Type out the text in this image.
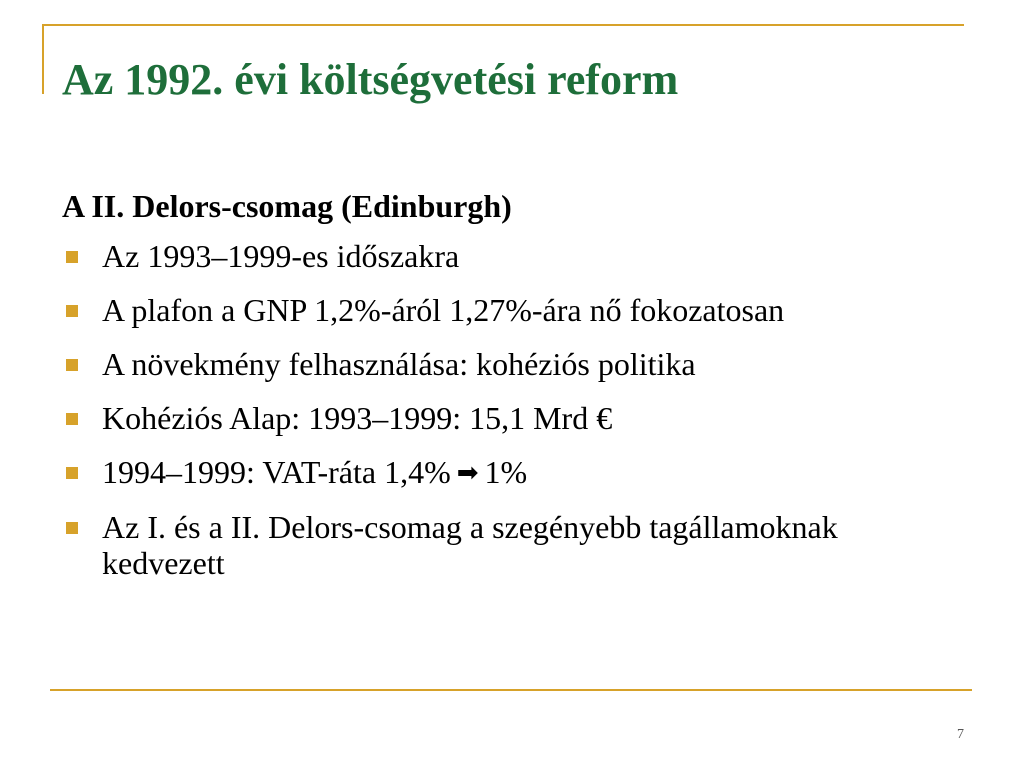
Az 1992. évi költségvetési reform

A II. Delors-csomag (Edinburgh)

Az 1993–1999-es időszakra
A plafon a GNP 1,2%-áról 1,27%-ára nő fokozatosan
A növekmény felhasználása: kohéziós politika
Kohéziós Alap: 1993–1999: 15,1 Mrd €
1994–1999: VAT-ráta 1,4% ➡ 1%
Az I. és a II. Delors-csomag a szegényebb tagállamoknak kedvezett
7
